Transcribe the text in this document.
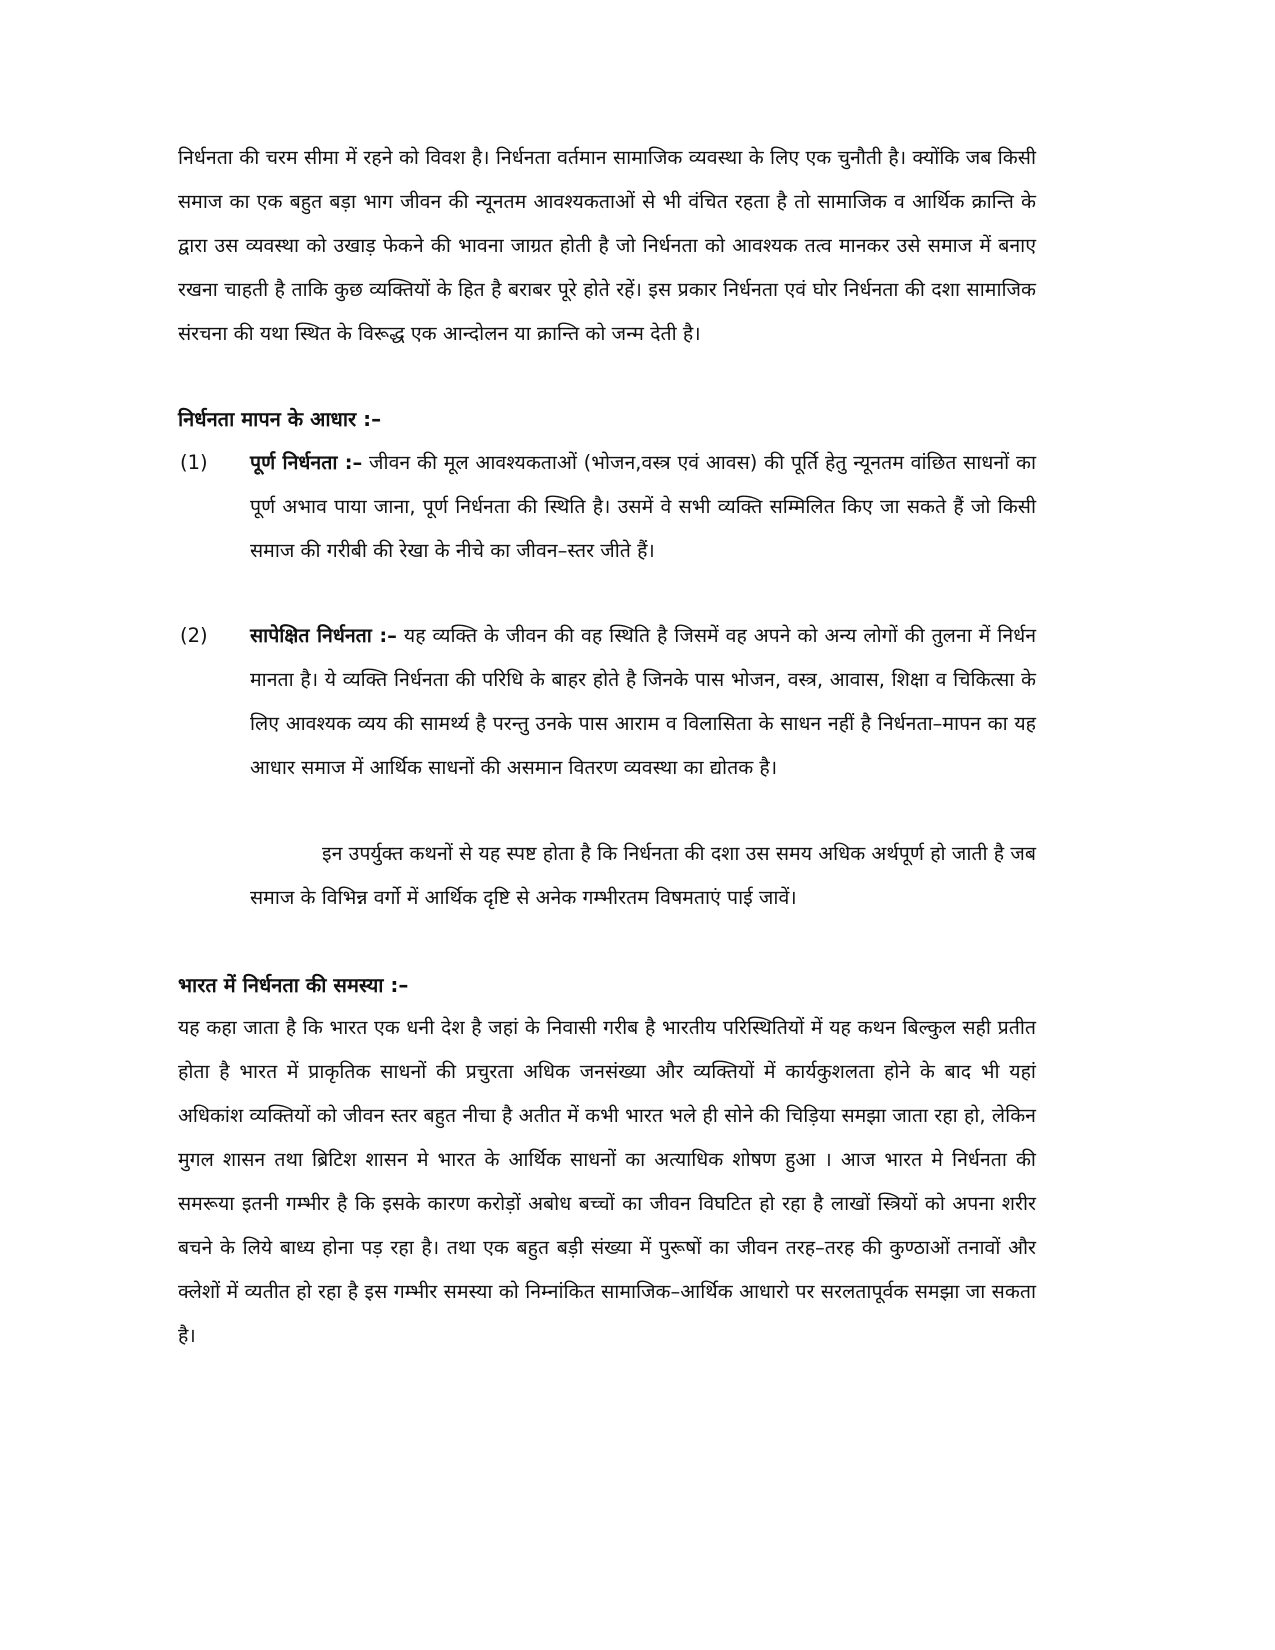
निर्धनता की चरम सीमा में रहने को विवश है। निर्धनता वर्तमान सामाजिक व्यवस्था के लिए एक चुनौती है। क्योंकि जब किसी समाज का एक बहुत बड़ा भाग जीवन की न्यूनतम आवश्यकताओं से भी वंचित रहता है तो सामाजिक व आर्थिक क्रान्ति के द्वारा उस व्यवस्था को उखाड़ फेकने की भावना जाग्रत होती है जो निर्धनता को आवश्यक तत्व मानकर उसे समाज में बनाए रखना चाहती है ताकि कुछ व्यक्तियों के हित है बराबर पूरे होते रहें। इस प्रकार निर्धनता एवं घोर निर्धनता की दशा सामाजिक संरचना की यथा स्थित के विरूद्ध एक आन्दोलन या क्रान्ति को जन्म देती है।

निर्धनता मापन के आधार :–
(1) पूर्ण निर्धनता :– जीवन की मूल आवश्यकताओं (भोजन,वस्त्र एवं आवस) की पूर्ति हेतु न्यूनतम वांछित साधनों का पूर्ण अभाव पाया जाना, पूर्ण निर्धनता की स्थिति है। उसमें वे सभी व्यक्ति सम्मिलित किए जा सकते हैं जो किसी समाज की गरीबी की रेखा के नीचे का जीवन–स्तर जीते हैं।

(2) सापेक्षित निर्धनता :– यह व्यक्ति के जीवन की वह स्थिति है जिसमें वह अपने को अन्य लोगों की तुलना में निर्धन मानता है। ये व्यक्ति निर्धनता की परिधि के बाहर होते है जिनके पास भोजन, वस्त्र, आवास, शिक्षा व चिकित्सा के लिए आवश्यक व्यय की सामर्थ्य है परन्तु उनके पास आराम व विलासिता के साधन नहीं है निर्धनता–मापन का यह आधार समाज में आर्थिक साधनों की असमान वितरण व्यवस्था का द्योतक है।

इन उपर्युक्त कथनों से यह स्पष्ट होता है कि निर्धनता की दशा उस समय अधिक अर्थपूर्ण हो जाती है जब समाज के विभिन्न वर्गो में आर्थिक दृष्टि से अनेक गम्भीरतम विषमताएं पाई जावें।

भारत में निर्धनता की समस्या :–

यह कहा जाता है कि भारत एक धनी देश है जहां के निवासी गरीब है भारतीय परिस्थितियों में यह कथन बिल्कुल सही प्रतीत होता है भारत में प्राकृतिक साधनों की प्रचुरता अधिक जनसंख्या और व्यक्तियों में कार्यकुशलता होने के बाद भी यहां अधिकांश व्यक्तियों को जीवन स्तर बहुत नीचा है अतीत में कभी भारत भले ही सोने की चिड़िया समझा जाता रहा हो, लेकिन मुगल शासन तथा ब्रिटिश शासन मे भारत के आर्थिक साधनों का अत्याधिक शोषण हुआ । आज भारत मे निर्धनता की समरूया इतनी गम्भीर है कि इसके कारण करोड़ों अबोध बच्चों का जीवन विघटित हो रहा है लाखों स्त्रियों को अपना शरीर बचने के लिये बाध्य होना पड़ रहा है। तथा एक बहुत बड़ी संख्या में पुरूषों का जीवन तरह–तरह की कुण्ठाओं तनावों और क्लेशों में व्यतीत हो रहा है इस गम्भीर समस्या को निम्नांकित सामाजिक–आर्थिक आधारो पर सरलतापूर्वक समझा जा सकता है।
